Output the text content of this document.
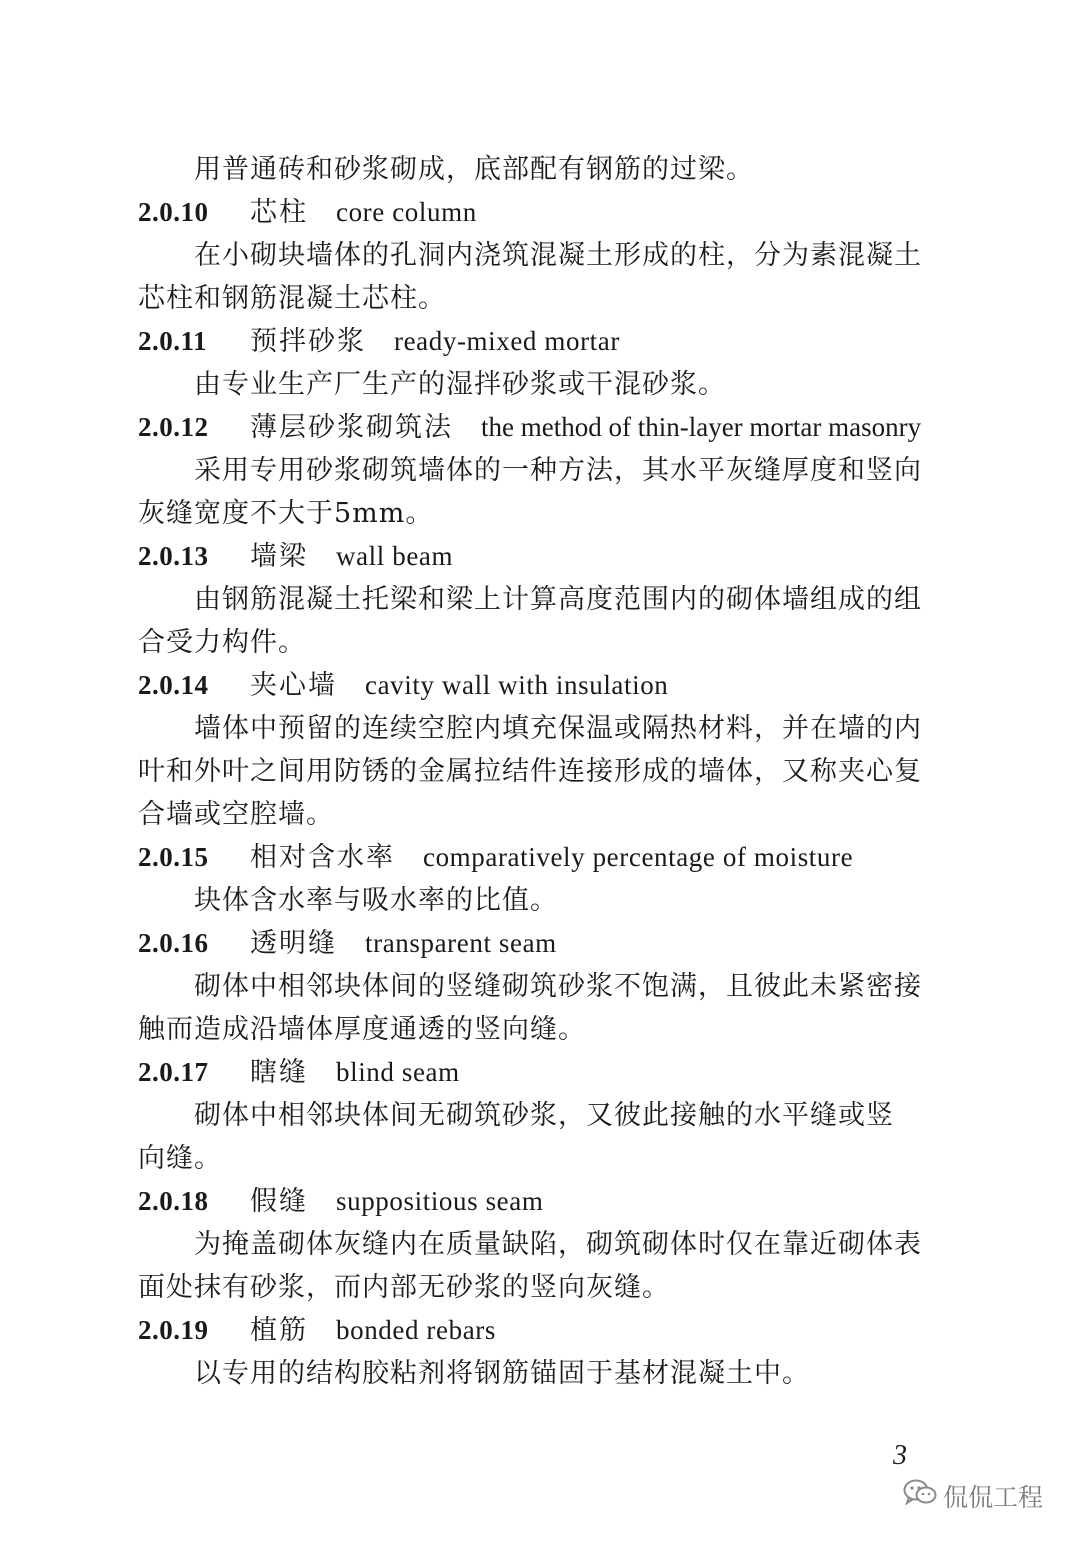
用普通砖和砂浆砌成，底部配有钢筋的过梁。
2.0.10	芯柱 core column
在小砌块墙体的孔洞内浇筑混凝土形成的柱，分为素混凝土
芯柱和钢筋混凝土芯柱。
2.0.11	预拌砂浆 ready-mixed mortar
由专业生产厂生产的湿拌砂浆或干混砂浆。
2.0.12	薄层砂浆砌筑法 the method of thin-layer mortar masonry
采用专用砂浆砌筑墙体的一种方法，其水平灰缝厚度和竖向
灰缝宽度不大于5mm。
2.0.13	墙梁 wall beam
由钢筋混凝土托梁和梁上计算高度范围内的砌体墙组成的组
合受力构件。
2.0.14	夹心墙 cavity wall with insulation
墙体中预留的连续空腔内填充保温或隔热材料，并在墙的内
叶和外叶之间用防锈的金属拉结件连接形成的墙体，又称夹心复
合墙或空腔墙。
2.0.15	相对含水率 comparatively percentage of moisture
块体含水率与吸水率的比值。
2.0.16	透明缝 transparent seam
砌体中相邻块体间的竖缝砌筑砂浆不饱满，且彼此未紧密接
触而造成沿墙体厚度通透的竖向缝。
2.0.17	瞎缝 blind seam
砌体中相邻块体间无砌筑砂浆，又彼此接触的水平缝或竖
向缝。
2.0.18	假缝 suppositious seam
为掩盖砌体灰缝内在质量缺陷，砌筑砌体时仅在靠近砌体表
面处抹有砂浆，而内部无砂浆的竖向灰缝。
2.0.19	植筋 bonded rebars
以专用的结构胶粘剂将钢筋锚固于基材混凝土中。
3
侃侃工程
